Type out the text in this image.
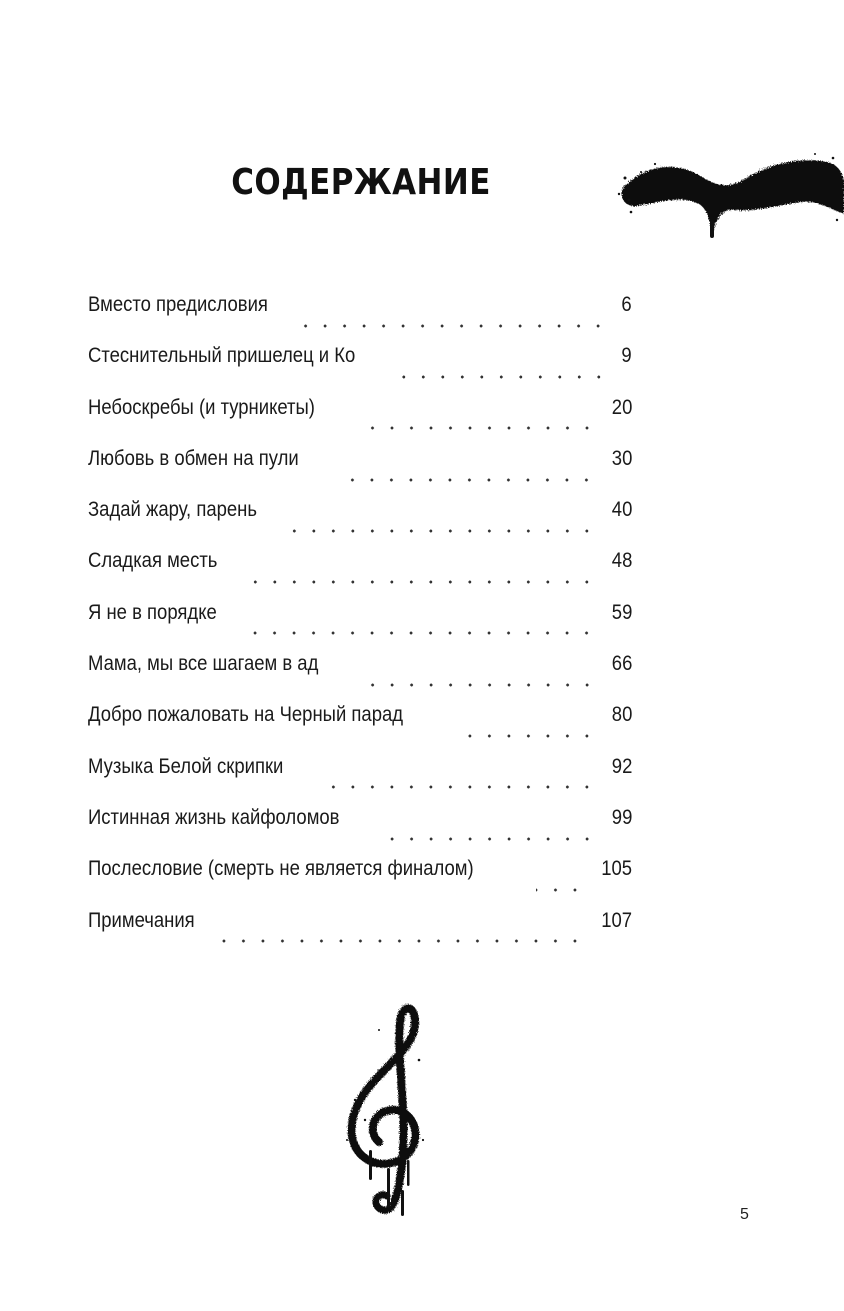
СОДЕРЖАНИЕ
Вместо предисловия	6
Стеснительный пришелец и Ко	9
Небоскребы (и турникеты)	20
Любовь в обмен на пули	30
Задай жару, парень	40
Сладкая месть	48
Я не в порядке	59
Мама, мы все шагаем в ад	66
Добро пожаловать на Черный парад	80
Музыка Белой скрипки	92
Истинная жизнь кайфоломов	99
Послесловие (смерть не является финалом)	105
Примечания	107
5
